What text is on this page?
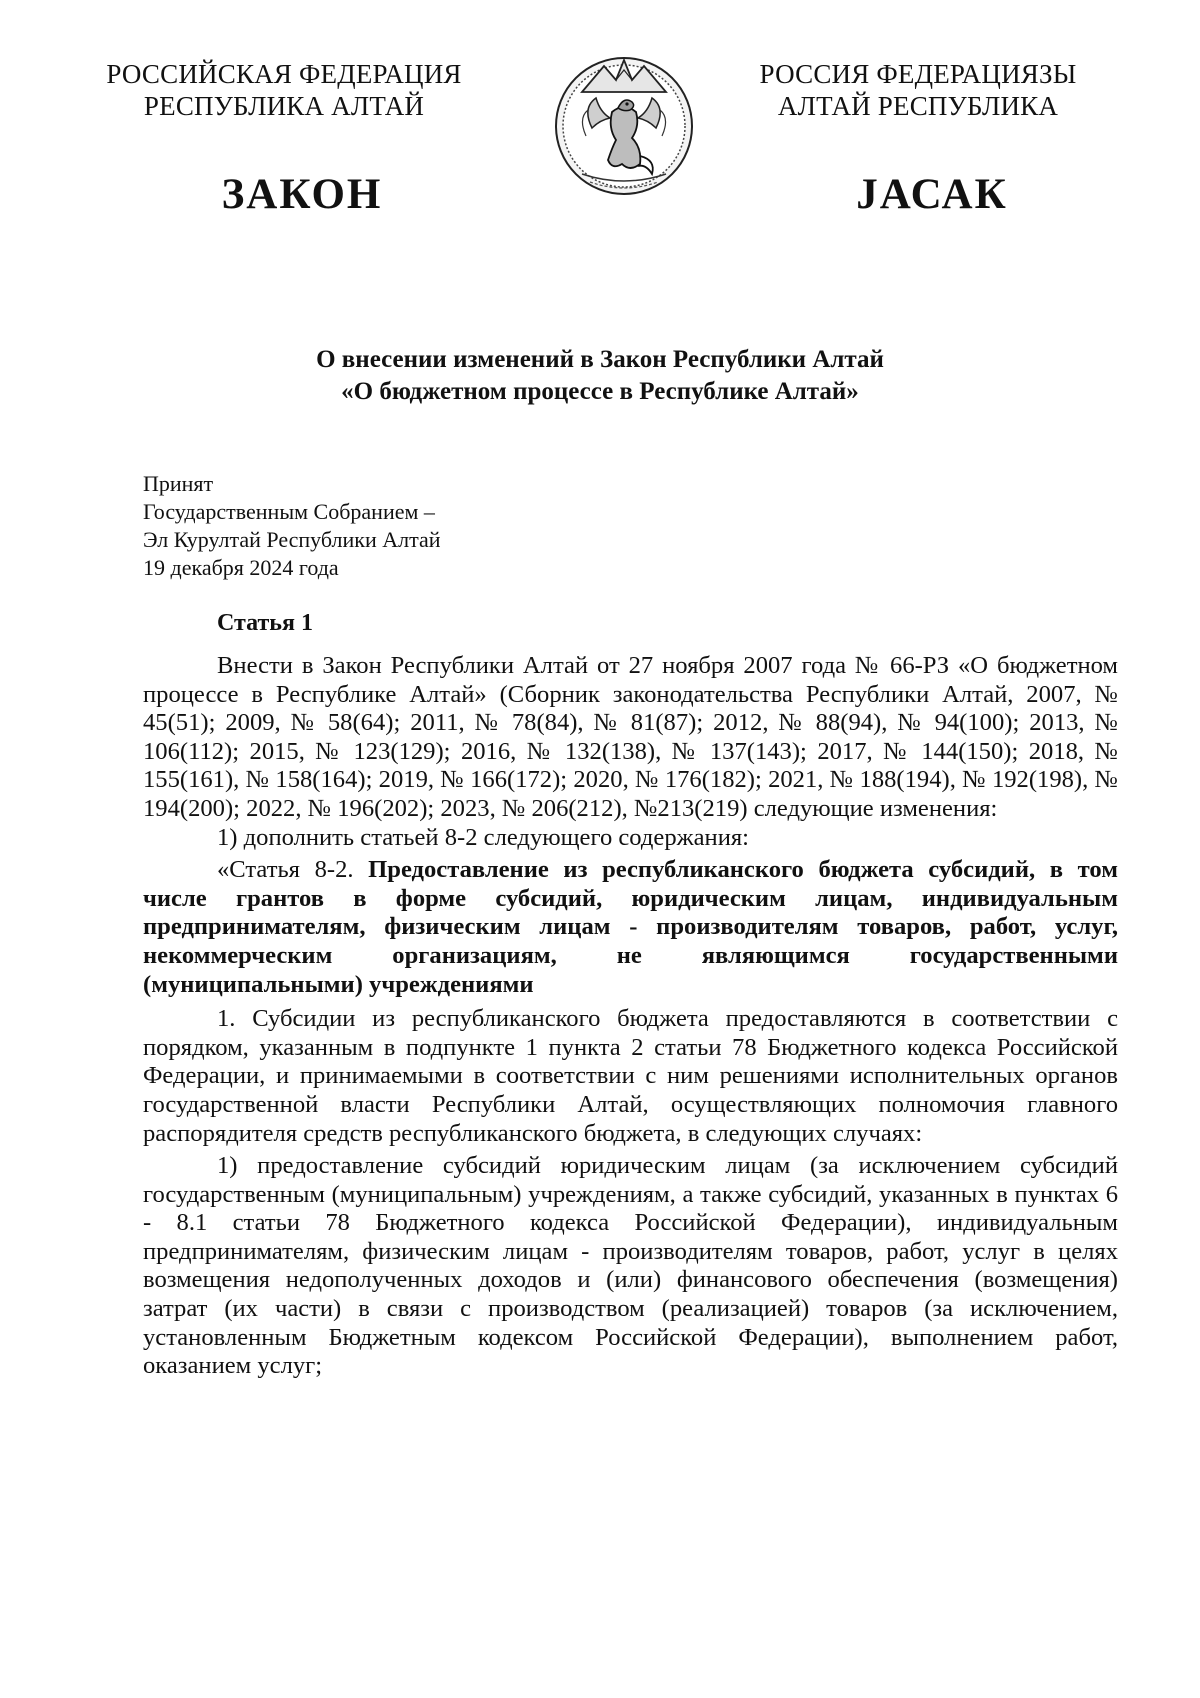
РОССИЙСКАЯ ФЕДЕРАЦИЯ
РЕСПУБЛИКА АЛТАЙ
РОССИЯ ФЕДЕРАЦИЯЗЫ
АЛТАЙ РЕСПУБЛИКА
ЗАКОН	ЈАСАК
О внесении изменений в Закон Республики Алтай
«О бюджетном процессе в Республике Алтай»
Принят
Государственным Собранием –
Эл Курултай Республики Алтай
19 декабря 2024 года
Статья 1

Внести в Закон Республики Алтай от 27 ноября 2007 года № 66-РЗ «О бюджетном процессе в Республике Алтай» (Сборник законодательства Республики Алтай, 2007, № 45(51); 2009, № 58(64); 2011, № 78(84), № 81(87); 2012, № 88(94), № 94(100); 2013, № 106(112); 2015, № 123(129); 2016, № 132(138), № 137(143); 2017, № 144(150); 2018, № 155(161), № 158(164); 2019, № 166(172); 2020, № 176(182); 2021, № 188(194), № 192(198), № 194(200); 2022, № 196(202); 2023, № 206(212), №213(219) следующие изменения:

1) дополнить статьей 8-2 следующего содержания:

«Статья 8-2. Предоставление из республиканского бюджета субсидий, в том числе грантов в форме субсидий, юридическим лицам, индивидуальным предпринимателям, физическим лицам - производителям товаров, работ, услуг, некоммерческим организациям, не являющимся государственными (муниципальными) учреждениями

1. Субсидии из республиканского бюджета предоставляются в соответствии с порядком, указанным в подпункте 1 пункта 2 статьи 78 Бюджетного кодекса Российской Федерации, и принимаемыми в соответствии с ним решениями исполнительных органов государственной власти Республики Алтай, осуществляющих полномочия главного распорядителя средств республиканского бюджета, в следующих случаях:

1) предоставление субсидий юридическим лицам (за исключением субсидий государственным (муниципальным) учреждениям, а также субсидий, указанных в пунктах 6 - 8.1 статьи 78 Бюджетного кодекса Российской Федерации), индивидуальным предпринимателям, физическим лицам - производителям товаров, работ, услуг в целях возмещения недополученных доходов и (или) финансового обеспечения (возмещения) затрат (их части) в связи с производством (реализацией) товаров (за исключением, установленным Бюджетным кодексом Российской Федерации), выполнением работ, оказанием услуг;
